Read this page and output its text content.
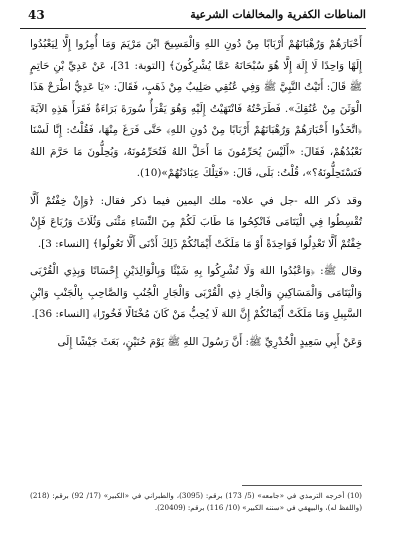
المناطات الكفرية والمخالفات الشرعية
43

أَحْبَارَهُمْ وَرُهْبَانَهُمْ أَرْبَابًا مِنْ دُونِ اللهِ وَالْمَسِيحَ ابْنَ مَرْيَمَ وَمَا أُمِرُوا إِلَّا لِيَعْبُدُوا إِلَهًا وَاحِدًا لَا إِلَهَ إِلَّا هُوَ سُبْحَانَهُ عَمَّا يُشْرِكُونَ﴾ [التوبة: 31]، عَنْ عَدِيِّ بْنِ حَاتِمٍ ﷺ قَالَ: أَتَيْتُ النَّبِيَّ ﷺ وَفِي عُنُقِي صَلِيبٌ مِنْ ذَهَبٍ، فَقَالَ: «يَا عَدِيُّ اطْرَحْ هَذَا الْوَثَنَ مِنْ عُنُقِكَ». فَطَرَحْتُهُ فَانْتَهَيْتُ إِلَيْهِ وَهُوَ يَقْرَأُ سُورَةَ بَرَاءَةٌ فَقَرَأَ هَذِهِ الآيَةَ ﴿اتَّخَذُوا أَحْبَارَهُمْ وَرُهْبَانَهُمْ أَرْبَابًا مِنْ دُونِ اللهِ﴾ حَتَّى فَرَغَ مِنْهَا، فَقُلْتُ: إِنَّا لَسْنَا نَعْبُدُهُمْ، فَقَالَ: «أَلَيْسَ يُحَرِّمُونَ مَا أَحَلَّ اللهُ فَتُحَرِّمُونَهُ، وَيُحِلُّونَ مَا حَرَّمَ اللهُ فَتَسْتَحِلُّونَهُ؟»، قُلْتُ: بَلَى، قَالَ: «فَتِلْكَ عِبَادَتُهُمْ»(10).

وقد ذكر الله -جل في علاه- ملك اليمين فيما ذكر فقال: ﴿وَإِنْ خِفْتُمْ أَلَّا تُقْسِطُوا فِي الْيَتَامَى فَانْكِحُوا مَا طَابَ لَكُمْ مِنَ النِّسَاءِ مَثْنَى وَثُلَاثَ وَرُبَاعَ فَإِنْ خِفْتُمْ أَلَّا تَعْدِلُوا فَوَاحِدَةً أَوْ مَا مَلَكَتْ أَيْمَانُكُمْ ذَلِكَ أَدْنَى أَلَّا تَعُولُوا﴾ [النساء: 3].

وقال ﷺ: ﴿وَاعْبُدُوا اللهَ وَلَا تُشْرِكُوا بِهِ شَيْئًا وَبِالْوَالِدَيْنِ إِحْسَانًا وَبِذِي الْقُرْبَى وَالْيَتَامَى وَالْمَسَاكِينِ وَالْجَارِ ذِي الْقُرْبَى وَالْجَارِ الْجُنُبِ وَالصَّاحِبِ بِالْجَنْبِ وَابْنِ السَّبِيلِ وَمَا مَلَكَتْ أَيْمَانُكُمْ إِنَّ اللهَ لَا يُحِبُّ مَنْ كَانَ مُخْتَالًا فَخُورًا﴾ [النساء: 36].

وَعَنْ أَبِي سَعِيدٍ الْخُدْرِيِّ ﷺ: أَنَّ رَسُولَ اللهِ ﷺ يَوْمَ حُنَيْنٍ، بَعَثَ جَيْشًا إِلَى

(10) أخرجه الترمذي في «جامعه» (5/ 173) برقم: (3095)، والطبراني في «الكبير» (17/ 92) برقم: (218) (واللفظ له)، والبيهقي في «سننه الكبير» (10/ 116) برقم: (20409).
